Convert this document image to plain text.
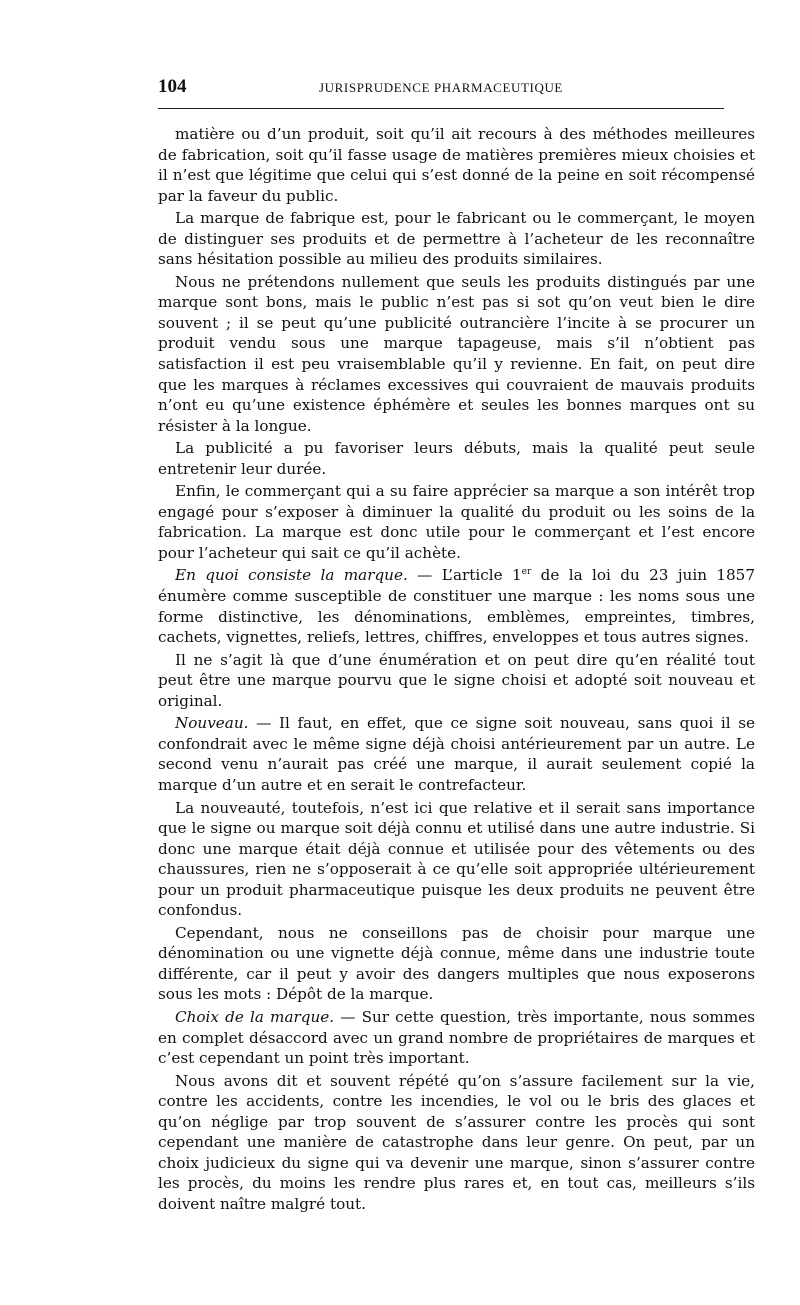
104	JURISPRUDENCE PHARMACEUTIQUE

matière ou d’un produit, soit qu’il ait recours à des méthodes meilleures de fabrication, soit qu’il fasse usage de matières premières mieux choisies et il n’est que légitime que celui qui s’est donné de la peine en soit récompensé par la faveur du public.

La marque de fabrique est, pour le fabricant ou le commerçant, le moyen de distinguer ses produits et de permettre à l’acheteur de les reconnaître sans hésitation possible au milieu des produits similaires.

Nous ne prétendons nullement que seuls les produits distingués par une marque sont bons, mais le public n’est pas si sot qu’on veut bien le dire souvent ; il se peut qu’une publicité outrancière l’incite à se procurer un produit vendu sous une marque tapageuse, mais s’il n’obtient pas satisfaction il est peu vraisemblable qu’il y revienne. En fait, on peut dire que les marques à réclames excessives qui couvraient de mauvais produits n’ont eu qu’une existence éphémère et seules les bonnes marques ont su résister à la longue.

La publicité a pu favoriser leurs débuts, mais la qualité peut seule entretenir leur durée.

Enfin, le commerçant qui a su faire apprécier sa marque a son intérêt trop engagé pour s’exposer à diminuer la qualité du produit ou les soins de la fabrication. La marque est donc utile pour le commerçant et l’est encore pour l’acheteur qui sait ce qu’il achète.

En quoi consiste la marque. — L’article 1er de la loi du 23 juin 1857 énumère comme susceptible de constituer une marque : les noms sous une forme distinctive, les dénominations, emblèmes, empreintes, timbres, cachets, vignettes, reliefs, lettres, chiffres, enveloppes et tous autres signes.

Il ne s’agit là que d’une énumération et on peut dire qu’en réalité tout peut être une marque pourvu que le signe choisi et adopté soit nouveau et original.

Nouveau. — Il faut, en effet, que ce signe soit nouveau, sans quoi il se confondrait avec le même signe déjà choisi antérieurement par un autre. Le second venu n’aurait pas créé une marque, il aurait seulement copié la marque d’un autre et en serait le contrefacteur.

La nouveauté, toutefois, n’est ici que relative et il serait sans importance que le signe ou marque soit déjà connu et utilisé dans une autre industrie. Si donc une marque était déjà connue et utilisée pour des vêtements ou des chaussures, rien ne s’opposerait à ce qu’elle soit appropriée ultérieurement pour un produit pharmaceutique puisque les deux produits ne peuvent être confondus.

Cependant, nous ne conseillons pas de choisir pour marque une dénomination ou une vignette déjà connue, même dans une industrie toute différente, car il peut y avoir des dangers multiples que nous exposerons sous les mots : Dépôt de la marque.

Choix de la marque. — Sur cette question, très importante, nous sommes en complet désaccord avec un grand nombre de propriétaires de marques et c’est cependant un point très important.

Nous avons dit et souvent répété qu’on s’assure facilement sur la vie, contre les accidents, contre les incendies, le vol ou le bris des glaces et qu’on néglige par trop souvent de s’assurer contre les procès qui sont cependant une manière de catastrophe dans leur genre. On peut, par un choix judicieux du signe qui va devenir une marque, sinon s’assurer contre les procès, du moins les rendre plus rares et, en tout cas, meilleurs s’ils doivent naître malgré tout.
